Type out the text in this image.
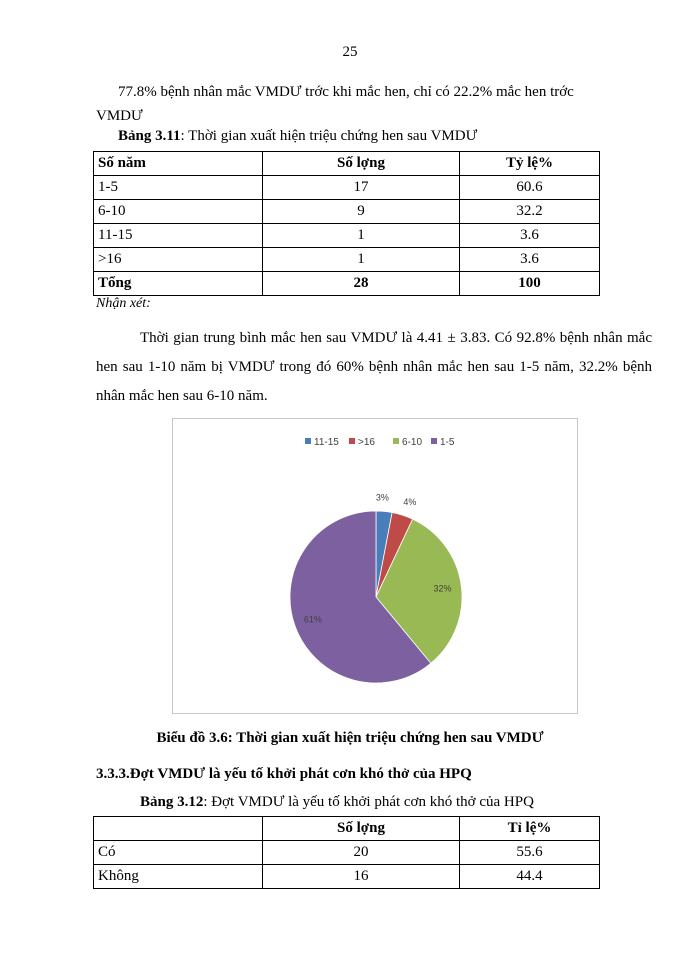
25
77.8% bệnh nhân mắc VMDƯ trớc khi mắc hen, chỉ có 22.2% mắc hen trớc
VMDƯ
Bảng 3.11: Thời gian xuất hiện triệu chứng hen sau VMDƯ
Số năm	Số lợng	Tỷ lệ%
1-5	17	60.6
6-10	9	32.2
11-15	1	3.6
>16	1	3.6
Tổng	28	100
Nhận xét:
Thời gian trung bình mắc hen sau VMDƯ là 4.41 ± 3.83. Có 92.8% bệnh nhân mắc hen sau 1-10 năm bị VMDƯ trong đó 60% bệnh nhân mắc hen sau 1-5 năm, 32.2% bệnh nhân mắc hen sau 6-10 năm.
11-15 >16	6-10 1-5
3% 4%
32%
61%
Biểu đồ 3.6: Thời gian xuất hiện triệu chứng hen sau VMDƯ
3.3.3.Đợt VMDƯ là yếu tố khởi phát cơn khó thở của HPQ
Bảng 3.12: Đợt VMDƯ là yếu tố khởi phát cơn khó thở của HPQ
	Số lợng	Tỉ lệ%
Có	20	55.6
Không	16	44.4
